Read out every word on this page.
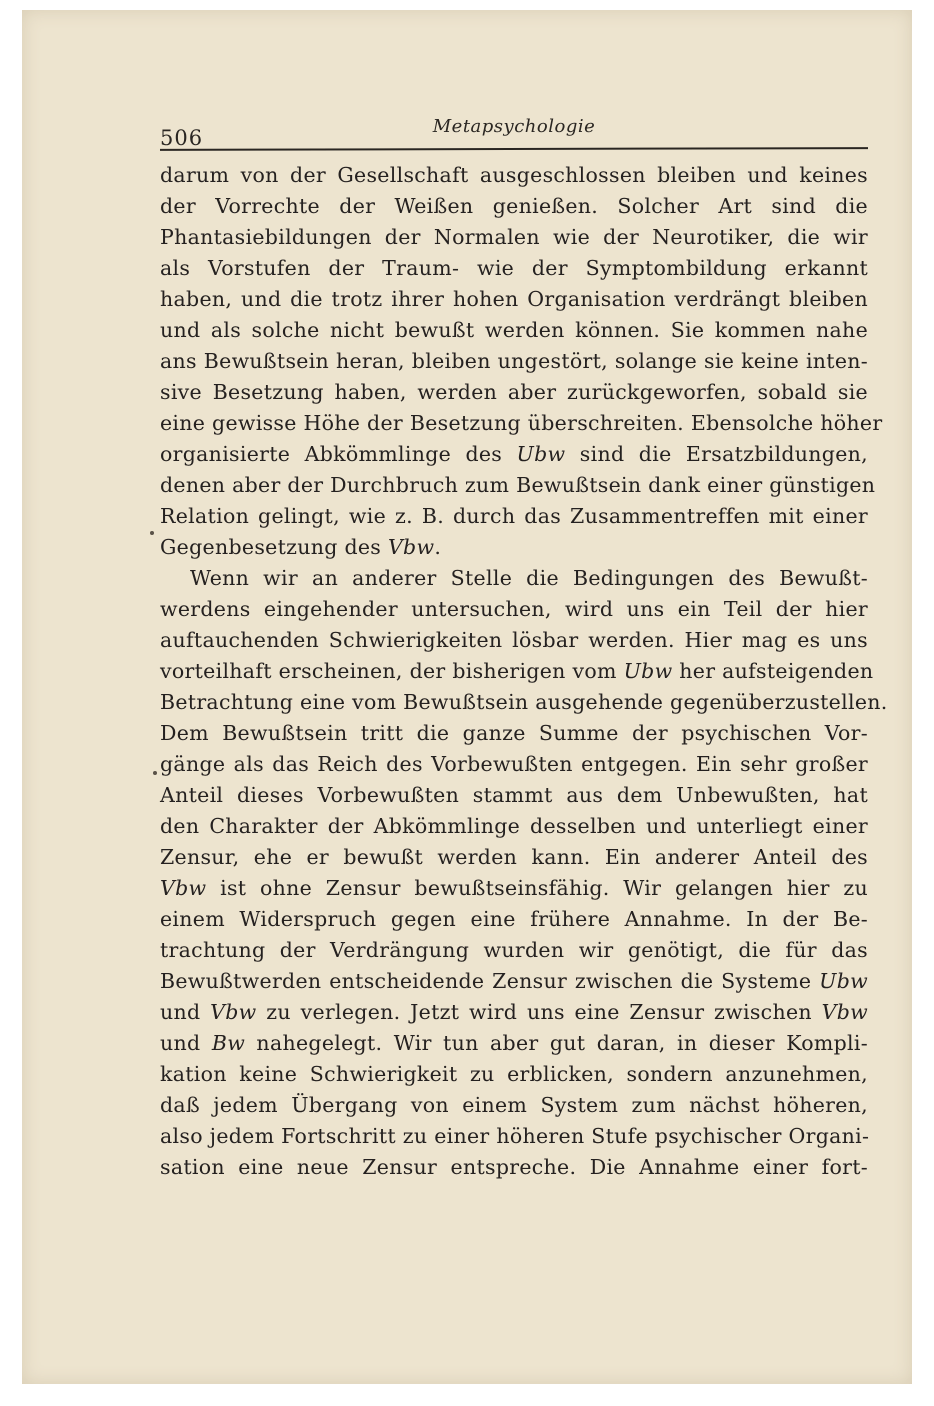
506	Metapsychologie
darum von der Gesellschaft ausgeschlossen bleiben und keines
der Vorrechte der Weißen genießen. Solcher Art sind die
Phantasiebildungen der Normalen wie der Neurotiker, die wir
als Vorstufen der Traum- wie der Symptombildung erkannt
haben, und die trotz ihrer hohen Organisation verdrängt bleiben
und als solche nicht bewußt werden können. Sie kommen nahe
ans Bewußtsein heran, bleiben ungestört, solange sie keine inten-
sive Besetzung haben, werden aber zurückgeworfen, sobald sie
eine gewisse Höhe der Besetzung überschreiten. Ebensolche höher
organisierte Abkömmlinge des Ubw sind die Ersatzbildungen,
denen aber der Durchbruch zum Bewußtsein dank einer günstigen
Relation gelingt, wie z. B. durch das Zusammentreffen mit einer
Gegenbesetzung des Vbw.
Wenn wir an anderer Stelle die Bedingungen des Bewußt-
werdens eingehender untersuchen, wird uns ein Teil der hier
auftauchenden Schwierigkeiten lösbar werden. Hier mag es uns
vorteilhaft erscheinen, der bisherigen vom Ubw her aufsteigenden
Betrachtung eine vom Bewußtsein ausgehende gegenüberzustellen.
Dem Bewußtsein tritt die ganze Summe der psychischen Vor-
gänge als das Reich des Vorbewußten entgegen. Ein sehr großer
Anteil dieses Vorbewußten stammt aus dem Unbewußten, hat
den Charakter der Abkömmlinge desselben und unterliegt einer
Zensur, ehe er bewußt werden kann. Ein anderer Anteil des
Vbw ist ohne Zensur bewußtseinsfähig. Wir gelangen hier zu
einem Widerspruch gegen eine frühere Annahme. In der Be-
trachtung der Verdrängung wurden wir genötigt, die für das
Bewußtwerden entscheidende Zensur zwischen die Systeme Ubw
und Vbw zu verlegen. Jetzt wird uns eine Zensur zwischen Vbw
und Bw nahegelegt. Wir tun aber gut daran, in dieser Kompli-
kation keine Schwierigkeit zu erblicken, sondern anzunehmen,
daß jedem Übergang von einem System zum nächst höheren,
also jedem Fortschritt zu einer höheren Stufe psychischer Organi-
sation eine neue Zensur entspreche. Die Annahme einer fort-
